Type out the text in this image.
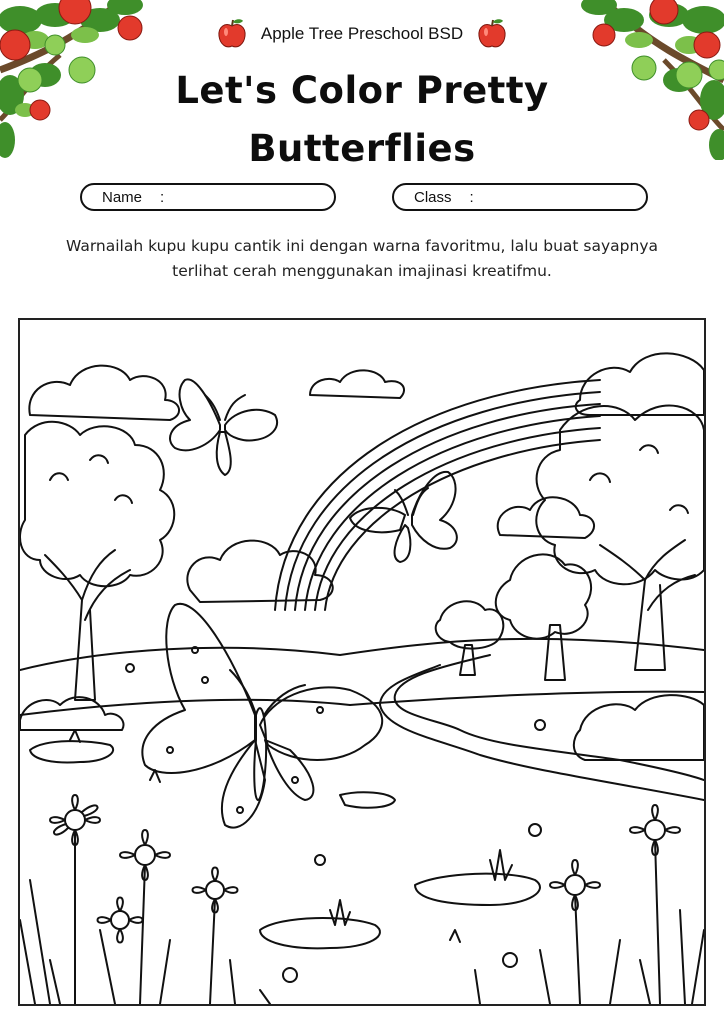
Apple Tree Preschool BSD
Let's Color Pretty
Butterflies
Name :	Class :
Warnailah kupu kupu cantik ini dengan warna favoritmu, lalu buat sayapnya terlihat cerah menggunakan imajinasi kreatifmu.
